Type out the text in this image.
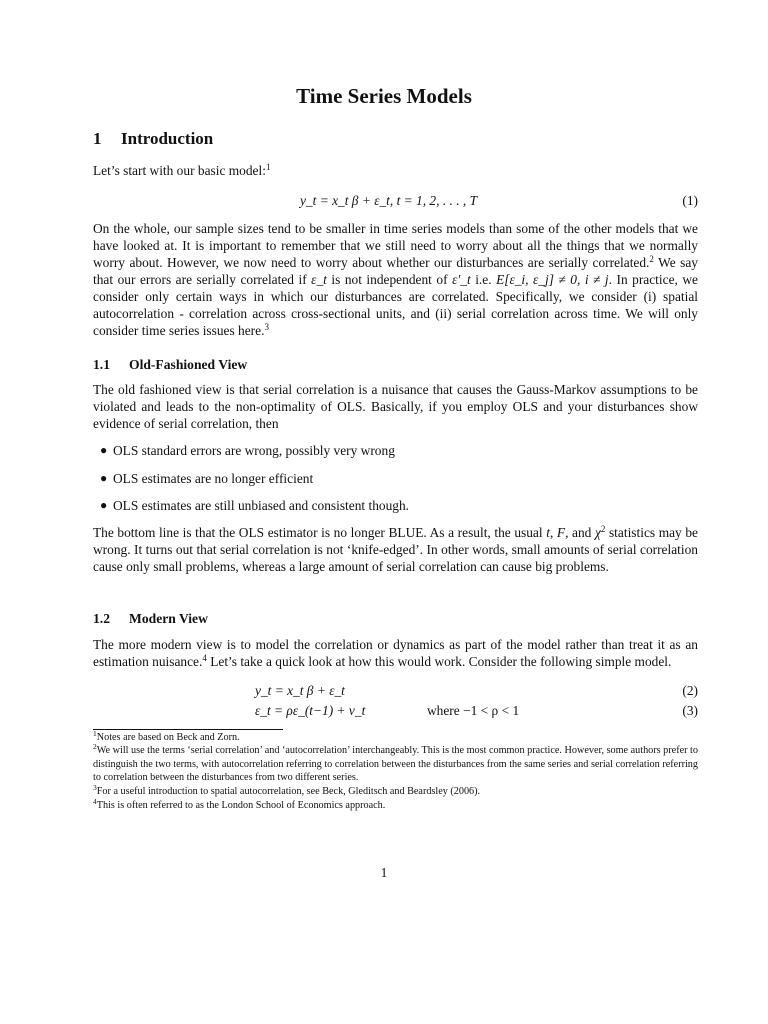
Time Series Models
1 Introduction

Let’s start with our basic model:$^1$

y_t = x_t β + ε_t, t = 1, 2, . . . , T	(1)

On the whole, our sample sizes tend to be smaller in time series models than some of the other models that we have looked at. It is important to remember that we still need to worry about all the things that we normally worry about. However, we now need to worry about whether our disturbances are serially correlated.$^2$ We say that our errors are serially correlated if ε_t is not independent of ε′_t i.e. E[ε_i, ε_j] ≠ 0, i ≠ j. In practice, we consider only certain ways in which our disturbances are correlated. Specifically, we consider (i) spatial autocorrelation - correlation across cross-sectional units, and (ii) serial correlation across time. We will only consider time series issues here.$^3$

1.1 Old-Fashioned View

The old fashioned view is that serial correlation is a nuisance that causes the Gauss-Markov assumptions to be violated and leads to the non-optimality of OLS. Basically, if you employ OLS and your disturbances show evidence of serial correlation, then

● OLS standard errors are wrong, possibly very wrong
● OLS estimates are no longer efficient
● OLS estimates are still unbiased and consistent though.

The bottom line is that the OLS estimator is no longer BLUE. As a result, the usual t, F, and $\chi^2$ statistics may be wrong. It turns out that serial correlation is not ‘knife-edged’. In other words, small amounts of serial correlation cause only small problems, whereas a large amount of serial correlation can cause big problems.

1.2 Modern View

The more modern view is to model the correlation or dynamics as part of the model rather than treat it as an estimation nuisance.$^4$ Let’s take a quick look at how this would work. Consider the following simple model.

y_t = x_t β + ε_t	(2)
ε_t = ρε_(t−1) + ν_t	where −1 < ρ < 1	(3)
$^1$Notes are based on Beck and Zorn.
$^2$We will use the terms ‘serial correlation’ and ‘autocorrelation’ interchangeably. This is the most common practice. However, some authors prefer to distinguish the two terms, with autocorrelation referring to correlation between the disturbances from the same series and serial correlation referring to correlation between the disturbances from two different series.
$^3$For a useful introduction to spatial autocorrelation, see Beck, Gleditsch and Beardsley (2006).
$^4$This is often referred to as the London School of Economics approach.
1
